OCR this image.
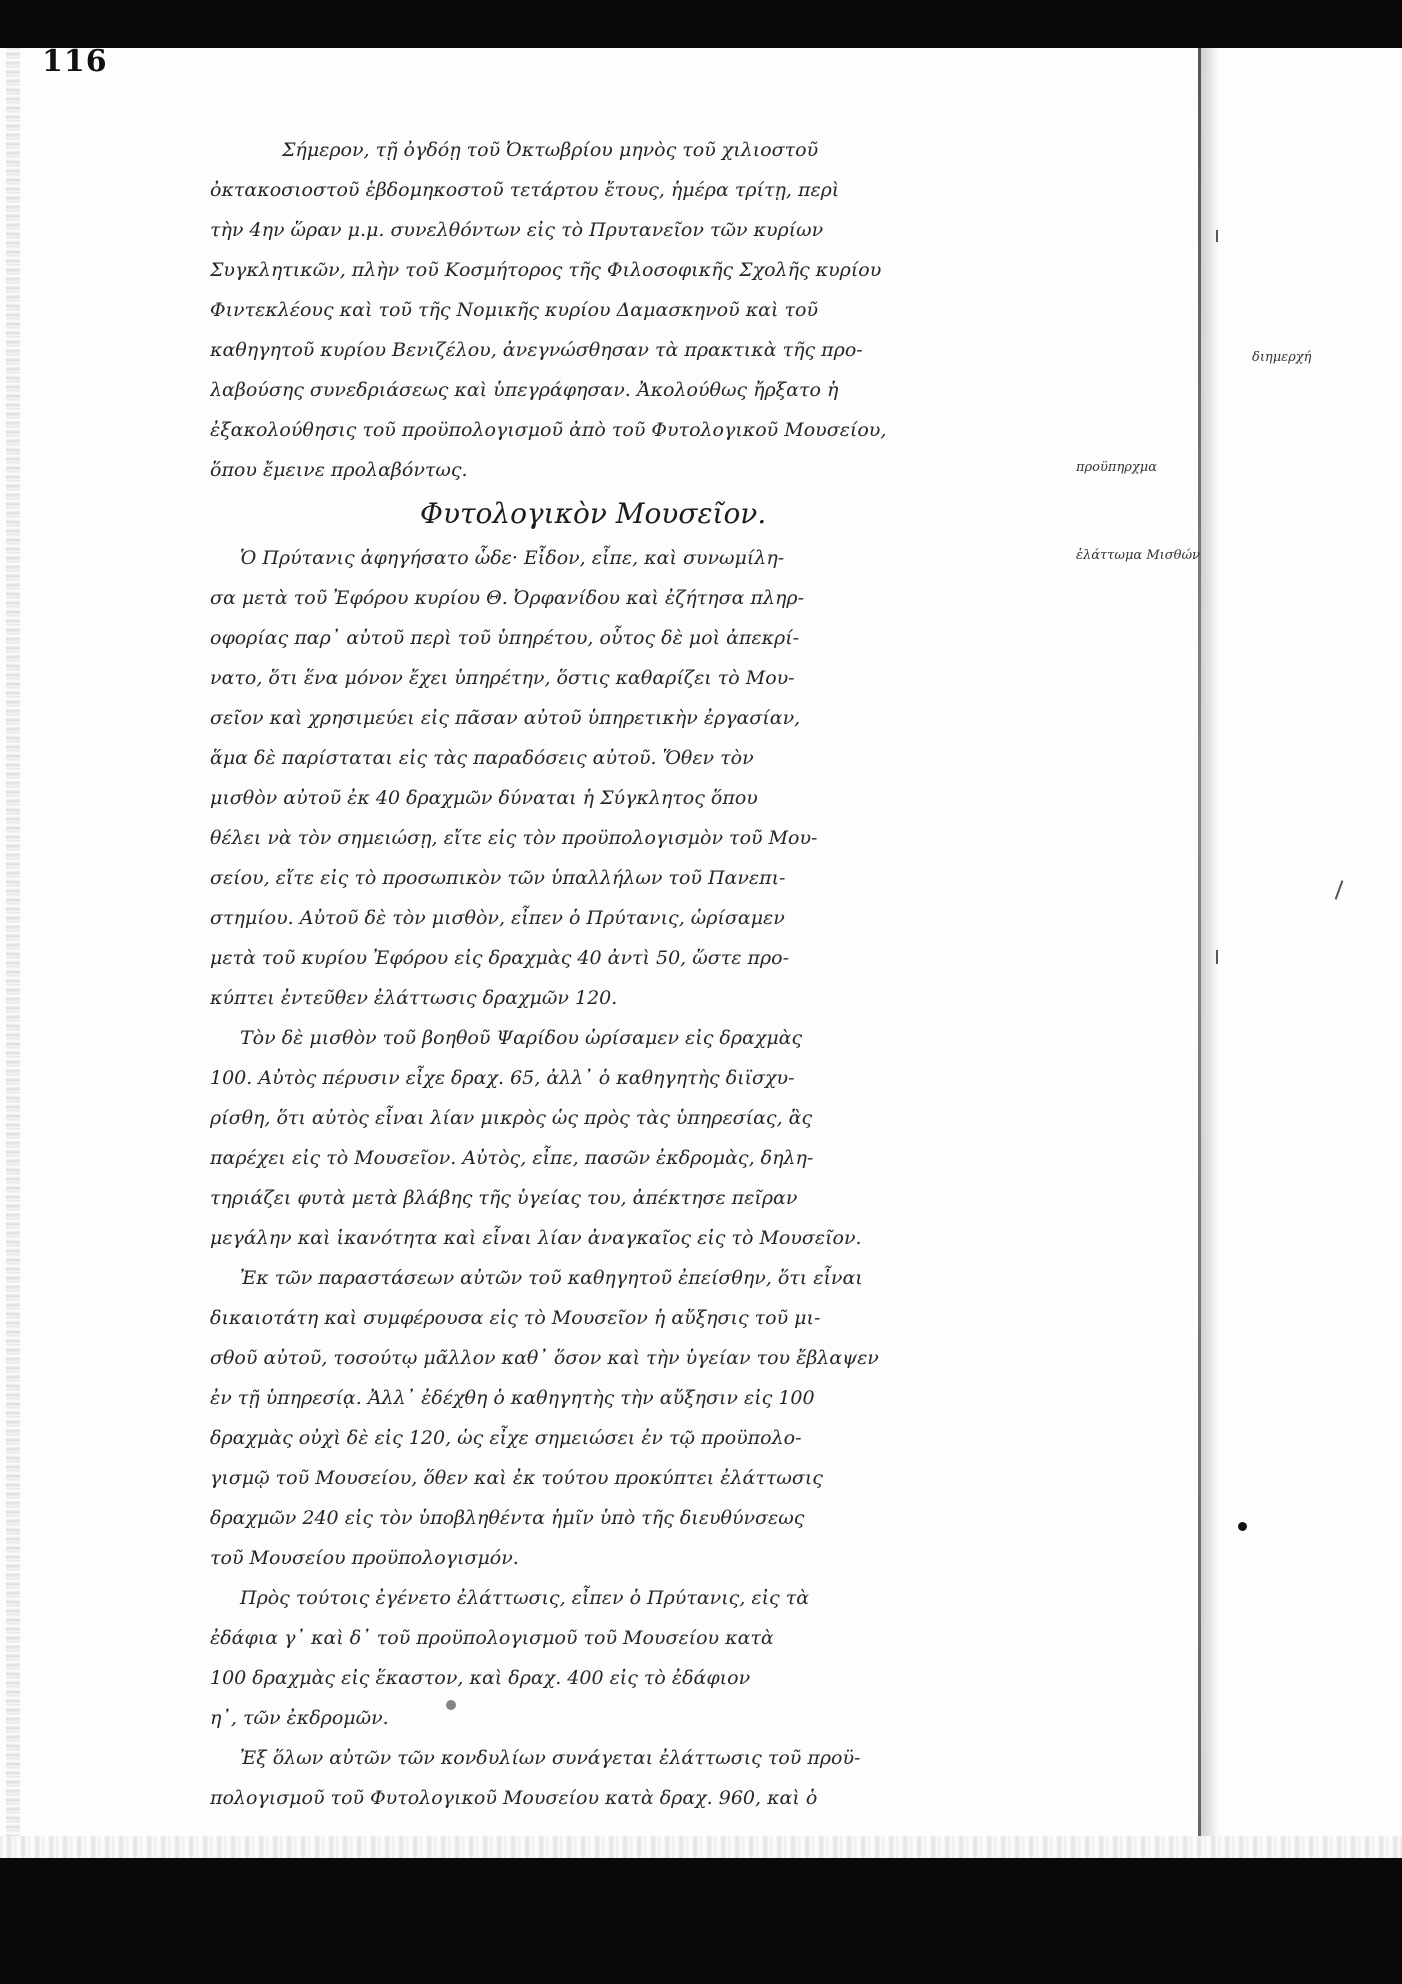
116
Σήμερον, τῇ ὀγδόῃ τοῦ Ὀκτωβρίου μηνὸς τοῦ χιλιοστοῦ
ὀκτακοσιοστοῦ ἑβδομηκοστοῦ τετάρτου ἔτους, ἡμέρα τρίτῃ, περὶ
τὴν 4ην ὥραν μ.μ. συνελθόντων εἰς τὸ Πρυτανεῖον τῶν κυρίων
Συγκλητικῶν, πλὴν τοῦ Κοσμήτορος τῆς Φιλοσοφικῆς Σχολῆς κυρίου
Φιντεκλέους καὶ τοῦ τῆς Νομικῆς κυρίου Δαμασκηνοῦ καὶ τοῦ
καθηγητοῦ κυρίου Βενιζέλου, ἀνεγνώσθησαν τὰ πρακτικὰ τῆς προ-
λαβούσης συνεδριάσεως καὶ ὑπεγράφησαν. Ἀκολούθως ἤρξατο ἡ
ἐξακολούθησις τοῦ προϋπολογισμοῦ ἀπὸ τοῦ Φυτολογικοῦ Μουσείου,
ὅπου ἔμεινε προλαβόντως.
Φυτολογικὸν Μουσεῖον.
Ὁ Πρύτανις ἀφηγήσατο ὧδε· Εἶδον, εἶπε, καὶ συνωμίλη-
σα μετὰ τοῦ Ἐφόρου κυρίου Θ. Ὀρφανίδου καὶ ἐζήτησα πληρ-
οφορίας παρ᾽ αὐτοῦ περὶ τοῦ ὑπηρέτου, οὗτος δὲ μοὶ ἀπεκρί-
νατο, ὅτι ἕνα μόνον ἔχει ὑπηρέτην, ὅστις καθαρίζει τὸ Μου-
σεῖον καὶ χρησιμεύει εἰς πᾶσαν αὐτοῦ ὑπηρετικὴν ἐργασίαν,
ἅμα δὲ παρίσταται εἰς τὰς παραδόσεις αὐτοῦ. Ὅθεν τὸν
μισθὸν αὐτοῦ ἐκ 40 δραχμῶν δύναται ἡ Σύγκλητος ὅπου
θέλει νὰ τὸν σημειώσῃ, εἴτε εἰς τὸν προϋπολογισμὸν τοῦ Μου-
σείου, εἴτε εἰς τὸ προσωπικὸν τῶν ὑπαλλήλων τοῦ Πανεπι-
στημίου. Αὐτοῦ δὲ τὸν μισθὸν, εἶπεν ὁ Πρύτανις, ὡρίσαμεν
μετὰ τοῦ κυρίου Ἐφόρου εἰς δραχμὰς 40 ἀντὶ 50, ὥστε προ-
κύπτει ἐντεῦθεν ἐλάττωσις δραχμῶν 120.
Τὸν δὲ μισθὸν τοῦ βοηθοῦ Ψαρίδου ὡρίσαμεν εἰς δραχμὰς
100. Αὐτὸς πέρυσιν εἶχε δραχ. 65, ἀλλ᾽ ὁ καθηγητὴς διϊσχυ-
ρίσθη, ὅτι αὐτὸς εἶναι λίαν μικρὸς ὡς πρὸς τὰς ὑπηρεσίας, ἃς
παρέχει εἰς τὸ Μουσεῖον. Αὐτὸς, εἶπε, πασῶν ἐκδρομὰς, δηλη-
τηριάζει φυτὰ μετὰ βλάβης τῆς ὑγείας του, ἀπέκτησε πεῖραν
μεγάλην καὶ ἱκανότητα καὶ εἶναι λίαν ἀναγκαῖος εἰς τὸ Μουσεῖον.
Ἐκ τῶν παραστάσεων αὐτῶν τοῦ καθηγητοῦ ἐπείσθην, ὅτι εἶναι
δικαιοτάτη καὶ συμφέρουσα εἰς τὸ Μουσεῖον ἡ αὔξησις τοῦ μι-
σθοῦ αὐτοῦ, τοσούτῳ μᾶλλον καθ᾽ ὅσον καὶ τὴν ὑγείαν του ἔβλαψεν
ἐν τῇ ὑπηρεσίᾳ. Ἀλλ᾽ ἐδέχθη ὁ καθηγητὴς τὴν αὔξησιν εἰς 100
δραχμὰς οὐχὶ δὲ εἰς 120, ὡς εἶχε σημειώσει ἐν τῷ προϋπολο-
γισμῷ τοῦ Μουσείου, ὅθεν καὶ ἐκ τούτου προκύπτει ἐλάττωσις
δραχμῶν 240 εἰς τὸν ὑποβληθέντα ἡμῖν ὑπὸ τῆς διευθύνσεως
τοῦ Μουσείου προϋπολογισμόν.
Πρὸς τούτοις ἐγένετο ἐλάττωσις, εἶπεν ὁ Πρύτανις, εἰς τὰ
ἐδάφια γ᾽ καὶ δ᾽ τοῦ προϋπολογισμοῦ τοῦ Μουσείου κατὰ
100 δραχμὰς εἰς ἕκαστον, καὶ δραχ. 400 εἰς τὸ ἐδάφιον
η᾽, τῶν ἐκδρομῶν.
Ἐξ ὅλων αὐτῶν τῶν κονδυλίων συνάγεται ἐλάττωσις τοῦ προϋ-
πολογισμοῦ τοῦ Φυτολογικοῦ Μουσείου κατὰ δραχ. 960, καὶ ὁ
διημερχή
προϋπηρχμα
ἐλάττωμα Μισθών
